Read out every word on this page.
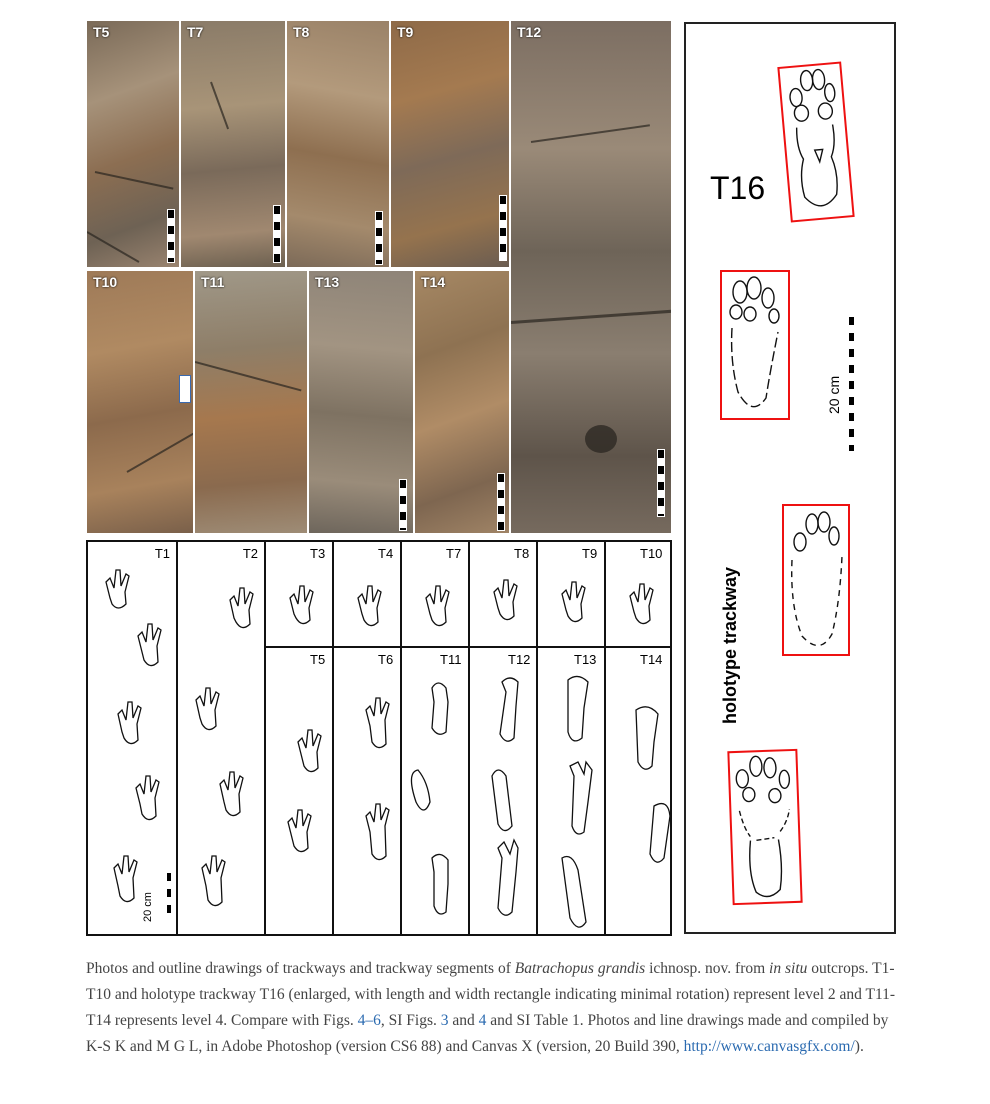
T5	T7	T8	T9	T12
T10	T11	T13	T14
T16
20 cm
holotype trackway
T1
20 cm
T2	T3	T4	T7	T8	T9	T10
T5	T6	T11	T12	T13	T14
Photos and outline drawings of trackways and trackway segments of Batrachopus grandis ichnosp. nov. from in situ outcrops. T1-T10 and holotype trackway T16 (enlarged, with length and width rectangle indicating minimal rotation) represent level 2 and T11-T14 represents level 4. Compare with Figs. 4–6, SI Figs. 3 and 4 and SI Table 1. Photos and line drawings made and compiled by K-S K and M G L, in Adobe Photoshop (version CS6 88) and Canvas X (version, 20 Build 390, http://www.canvasgfx.com/).
